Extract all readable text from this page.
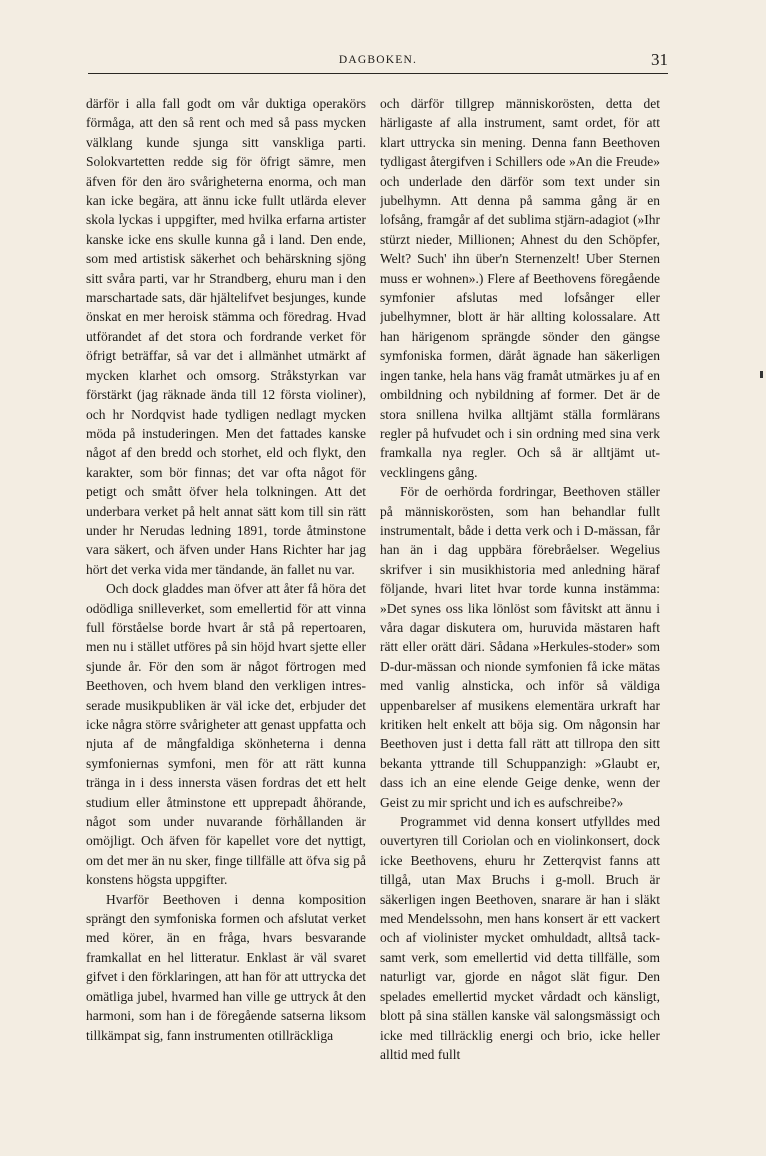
DAGBOKEN.	31

därför i alla fall godt om vår duktiga operakörs förmåga, att den så rent och med så pass mycken välklang kunde sjunga sitt vanskliga parti. Solokvartetten redde sig för öfrigt sämre, men äfven för den äro svårigheterna enorma, och man kan icke begära, att ännu icke fullt utlärda elever skola lyckas i uppgifter, med hvilka erfarna artister kanske icke ens skulle kunna gå i land. Den ende, som med artistisk säkerhet och behärskning sjöng sitt svåra parti, var hr Strandberg, ehuru man i den marschartade sats, där hjältelifvet besjunges, kunde önskat en mer heroisk stämma och föredrag. Hvad utförandet af det stora och fordrande verket för öfrigt beträffar, så var det i allmänhet utmärkt af mycken klarhet och omsorg. Stråkstyrkan var förstärkt (jag räknade ända till 12 första violiner), och hr Nordqvist hade tydligen nedlagt mycken möda på instuderingen. Men det fattades kanske något af den bredd och storhet, eld och flykt, den karakter, som bör finnas; det var ofta något för petigt och smått öfver hela tolkningen. Att det underbara verket på helt annat sätt kom till sin rätt under hr Nerudas ledning 1891, torde åtminstone vara säkert, och äfven under Hans Richter har jag hört det verka vida mer tändande, än fallet nu var.

Och dock gladdes man öfver att åter få höra det odödliga snilleverket, som emellertid för att vinna full förståelse borde hvart år stå på repertoaren, men nu i stället utföres på sin höjd hvart sjette eller sjunde år. För den som är något förtrogen med Beethoven, och hvem bland den verkligen intresserade musikpubliken är väl icke det, erbjuder det icke några större svårigheter att genast uppfatta och njuta af de mångfaldiga skönheterna i denna symfoniernas symfoni, men för att rätt kunna tränga in i dess innersta väsen fordras det ett helt studium eller åtminstone ett upprepadt åhörande, något som under nuvarande förhållanden är omöjligt. Och äfven för kapellet vore det nyttigt, om det mer än nu sker, finge tillfälle att öfva sig på konstens högsta uppgifter.

Hvarför Beethoven i denna komposition sprängt den symfoniska formen och afslutat verket med körer, än en fråga, hvars besvarande framkallat en hel litteratur. Enklast är väl svaret gifvet i den förklaringen, att han för att uttrycka det omätliga jubel, hvarmed han ville ge uttryck åt den harmoni, som han i de föregående satserna liksom tillkämpat sig, fann instrumenten otillräckliga

och därför tillgrep människorösten, detta det härligaste af alla instrument, samt ordet, för att klart uttrycka sin mening. Denna fann Beethoven tydligast återgifven i Schillers ode »An die Freude» och underlade den därför som text under sin jubelhymn. Att denna på samma gång är en lofsång, framgår af det sublima stjärn-adagiot (»Ihr stürzt nieder, Millionen; Ahnest du den Schöpfer, Welt? Such' ihn über'n Sternenzelt! Uber Sternen muss er wohnen».) Flere af Beethovens föregående symfonier afslutas med lofsånger eller jubelhymner, blott är här allting kolossalare. Att han härigenom sprängde sönder den gängse symfoniska formen, däråt ägnade han säkerligen ingen tanke, hela hans väg framåt utmärkes ju af en ombildning och nybildning af former. Det är de stora snillena hvilka alltjämt ställa formlärans regler på hufvudet och i sin ordning med sina verk framkalla nya regler. Och så är alltjämt utvecklingens gång.

För de oerhörda fordringar, Beethoven ställer på människorösten, som han behandlar fullt instrumentalt, både i detta verk och i D-mässan, får han än i dag uppbära förebråelser. Wegelius skrifver i sin musikhistoria med anledning häraf följande, hvari litet hvar torde kunna instämma: »Det synes oss lika lönlöst som fåvitskt att ännu i våra dagar diskutera om, huruvida mästaren haft rätt eller orätt däri. Sådana »Herkules-stoder» som D-dur-mässan och nionde symfonien få icke mätas med vanlig alnsticka, och inför så väldiga uppenbarelser af musikens elementära urkraft har kritiken helt enkelt att böja sig. Om någonsin har Beethoven just i detta fall rätt att tillropa den sitt bekanta yttrande till Schuppanzigh: »Glaubt er, dass ich an eine elende Geige denke, wenn der Geist zu mir spricht und ich es aufschreibe?»

Programmet vid denna konsert utfylldes med ouvertyren till Coriolan och en violinkonsert, dock icke Beethovens, ehuru hr Zetterqvist fanns att tillgå, utan Max Bruchs i g-moll. Bruch är säkerligen ingen Beethoven, snarare är han i släkt med Mendelssohn, men hans konsert är ett vackert och af violinister mycket omhuldadt, alltså tacksamt verk, som emellertid vid detta tillfälle, som naturligt var, gjorde en något slät figur. Den spelades emellertid mycket vårdadt och känsligt, blott på sina ställen kanske väl salongsmässigt och icke med tillräcklig energi och brio, icke heller alltid med fullt
